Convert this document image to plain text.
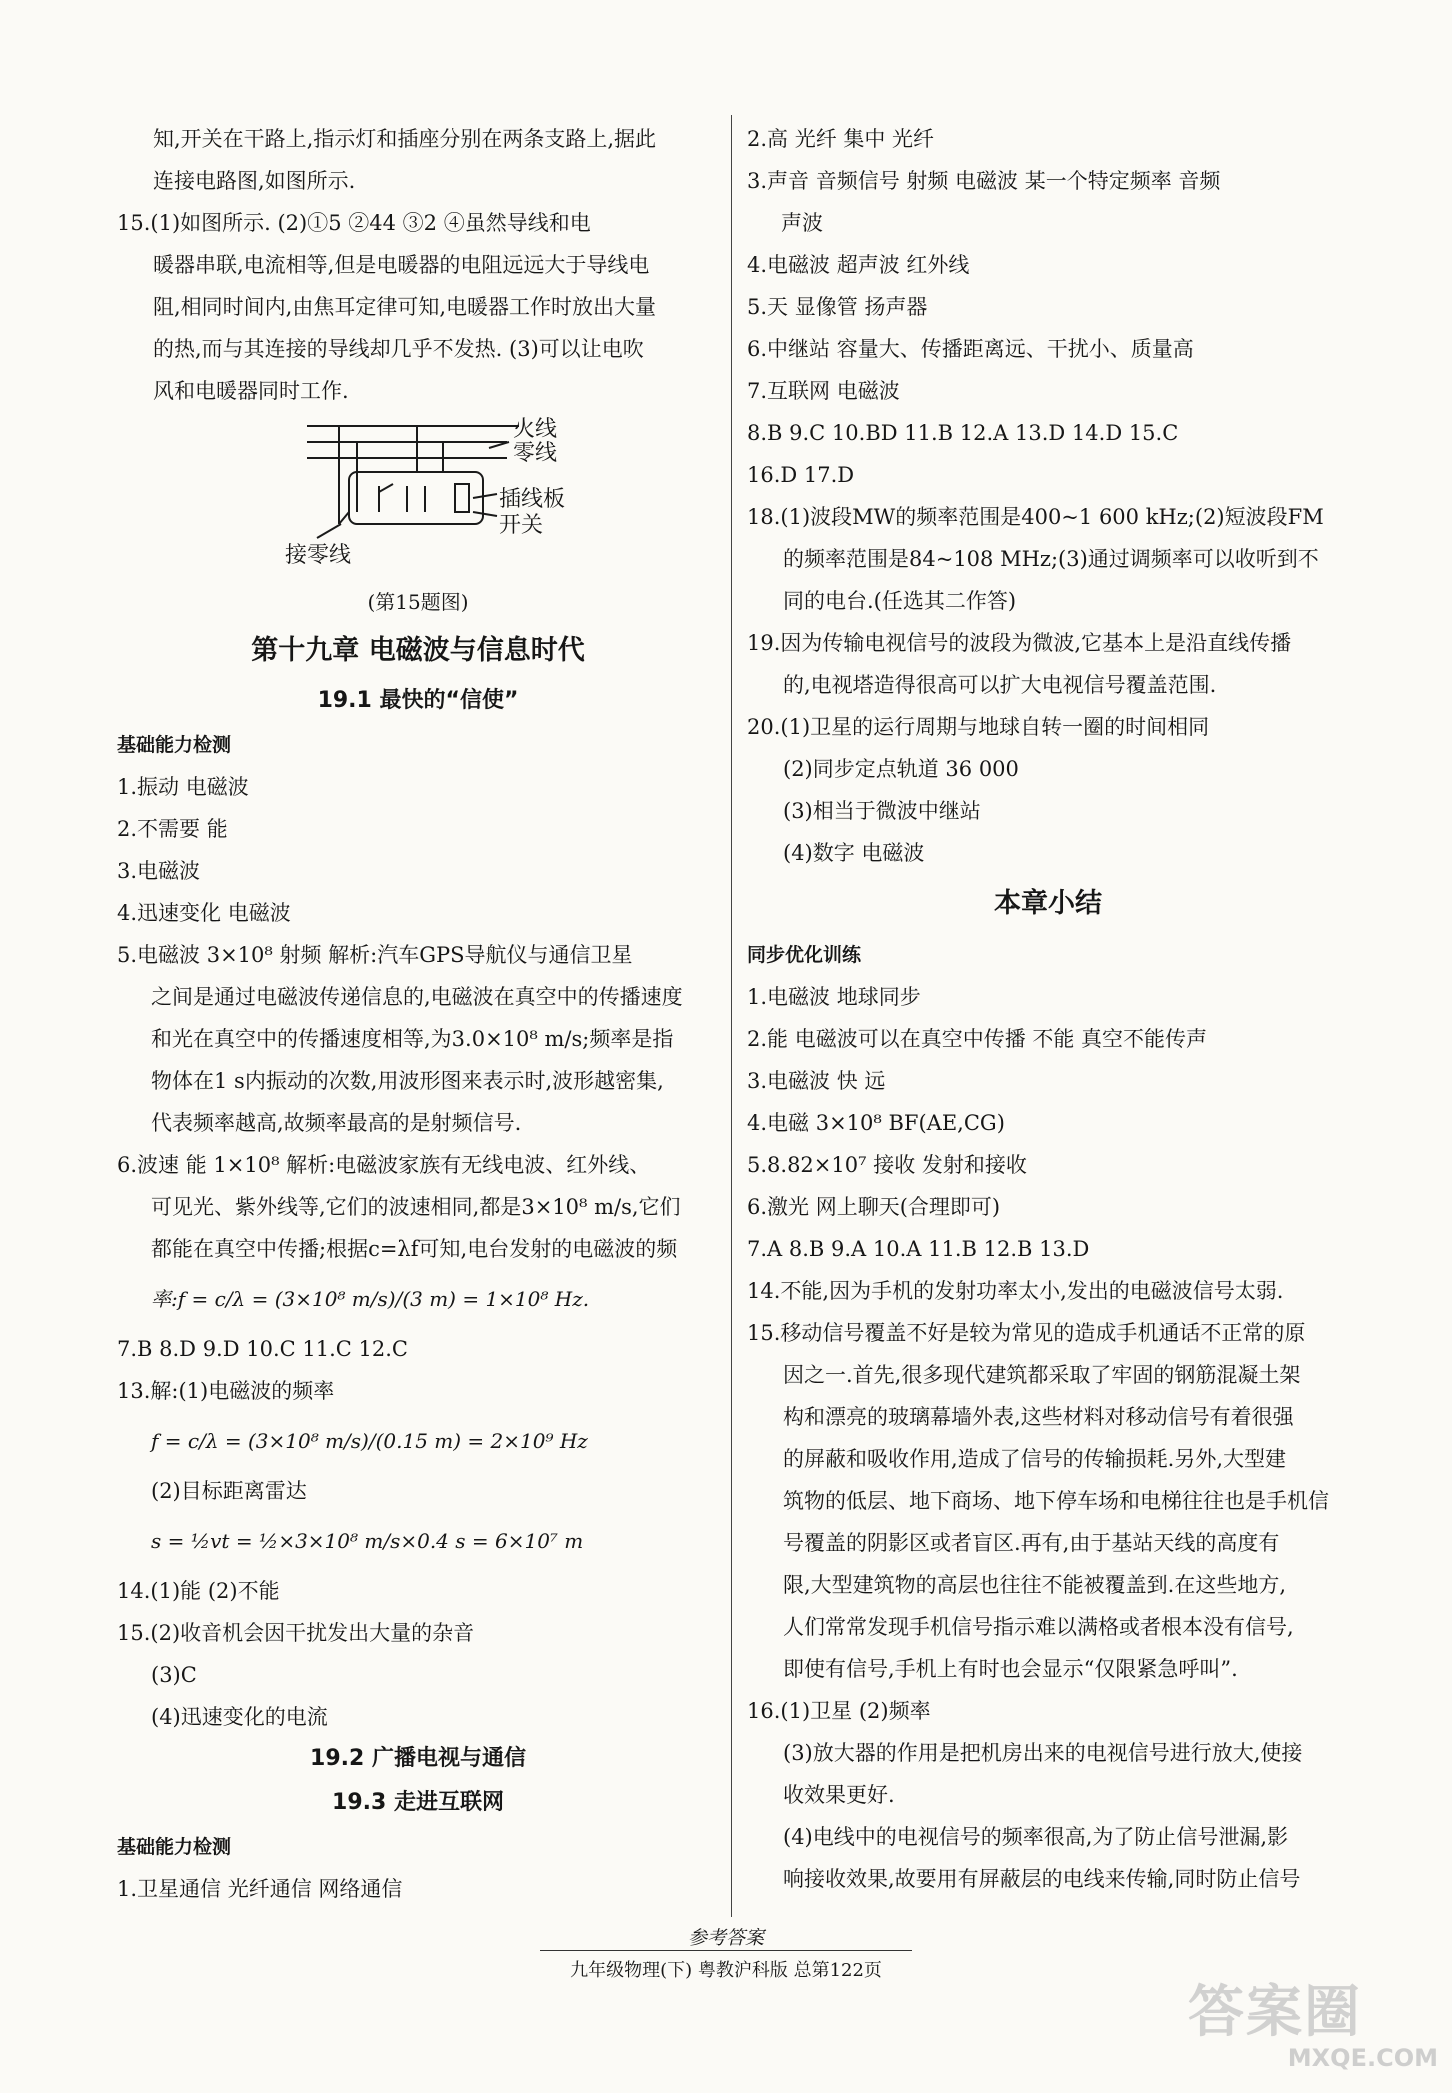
知,开关在干路上,指示灯和插座分别在两条支路上,据此
连接电路图,如图所示.
15.(1)如图所示. (2)①5 ②44 ③2 ④虽然导线和电
暖器串联,电流相等,但是电暖器的电阻远远大于导线电
阻,相同时间内,由焦耳定律可知,电暖器工作时放出大量
的热,而与其连接的导线却几乎不发热. (3)可以让电吹
风和电暖器同时工作.
火线
零线
插线板
开关
接零线
(第15题图)
第十九章 电磁波与信息时代
19.1 最快的“信使”
基础能力检测
1.振动 电磁波
2.不需要 能
3.电磁波
4.迅速变化 电磁波
5.电磁波 3×10⁸ 射频 解析:汽车GPS导航仪与通信卫星
之间是通过电磁波传递信息的,电磁波在真空中的传播速度
和光在真空中的传播速度相等,为3.0×10⁸ m/s;频率是指
物体在1 s内振动的次数,用波形图来表示时,波形越密集,
代表频率越高,故频率最高的是射频信号.
6.波速 能 1×10⁸ 解析:电磁波家族有无线电波、红外线、
可见光、紫外线等,它们的波速相同,都是3×10⁸ m/s,它们
都能在真空中传播;根据c=λf可知,电台发射的电磁波的频
率:f = c/λ = (3×10⁸ m/s)/(3 m) = 1×10⁸ Hz.
7.B 8.D 9.D 10.C 11.C 12.C
13.解:(1)电磁波的频率
f = c/λ = (3×10⁸ m/s)/(0.15 m) = 2×10⁹ Hz
(2)目标距离雷达
s = ½vt = ½×3×10⁸ m/s×0.4 s = 6×10⁷ m
14.(1)能 (2)不能
15.(2)收音机会因干扰发出大量的杂音
(3)C
(4)迅速变化的电流
19.2 广播电视与通信
19.3 走进互联网
基础能力检测
1.卫星通信 光纤通信 网络通信
2.高 光纤 集中 光纤
3.声音 音频信号 射频 电磁波 某一个特定频率 音频
声波
4.电磁波 超声波 红外线
5.天 显像管 扬声器
6.中继站 容量大、传播距离远、干扰小、质量高
7.互联网 电磁波
8.B 9.C 10.BD 11.B 12.A 13.D 14.D 15.C
16.D 17.D
18.(1)波段MW的频率范围是400~1 600 kHz;(2)短波段FM
的频率范围是84~108 MHz;(3)通过调频率可以收听到不
同的电台.(任选其二作答)
19.因为传输电视信号的波段为微波,它基本上是沿直线传播
的,电视塔造得很高可以扩大电视信号覆盖范围.
20.(1)卫星的运行周期与地球自转一圈的时间相同
(2)同步定点轨道 36 000
(3)相当于微波中继站
(4)数字 电磁波
本章小结
同步优化训练
1.电磁波 地球同步
2.能 电磁波可以在真空中传播 不能 真空不能传声
3.电磁波 快 远
4.电磁 3×10⁸ BF(AE,CG)
5.8.82×10⁷ 接收 发射和接收
6.激光 网上聊天(合理即可)
7.A 8.B 9.A 10.A 11.B 12.B 13.D
14.不能,因为手机的发射功率太小,发出的电磁波信号太弱.
15.移动信号覆盖不好是较为常见的造成手机通话不正常的原
因之一.首先,很多现代建筑都采取了牢固的钢筋混凝土架
构和漂亮的玻璃幕墙外表,这些材料对移动信号有着很强
的屏蔽和吸收作用,造成了信号的传输损耗.另外,大型建
筑物的低层、地下商场、地下停车场和电梯往往也是手机信
号覆盖的阴影区或者盲区.再有,由于基站天线的高度有
限,大型建筑物的高层也往往不能被覆盖到.在这些地方,
人们常常发现手机信号指示难以满格或者根本没有信号,
即使有信号,手机上有时也会显示“仅限紧急呼叫”.
16.(1)卫星 (2)频率
(3)放大器的作用是把机房出来的电视信号进行放大,使接
收效果更好.
(4)电线中的电视信号的频率很高,为了防止信号泄漏,影
响接收效果,故要用有屏蔽层的电线来传输,同时防止信号
参考答案
九年级物理(下) 粤教沪科版 总第122页
答案圈
MXQE.COM
